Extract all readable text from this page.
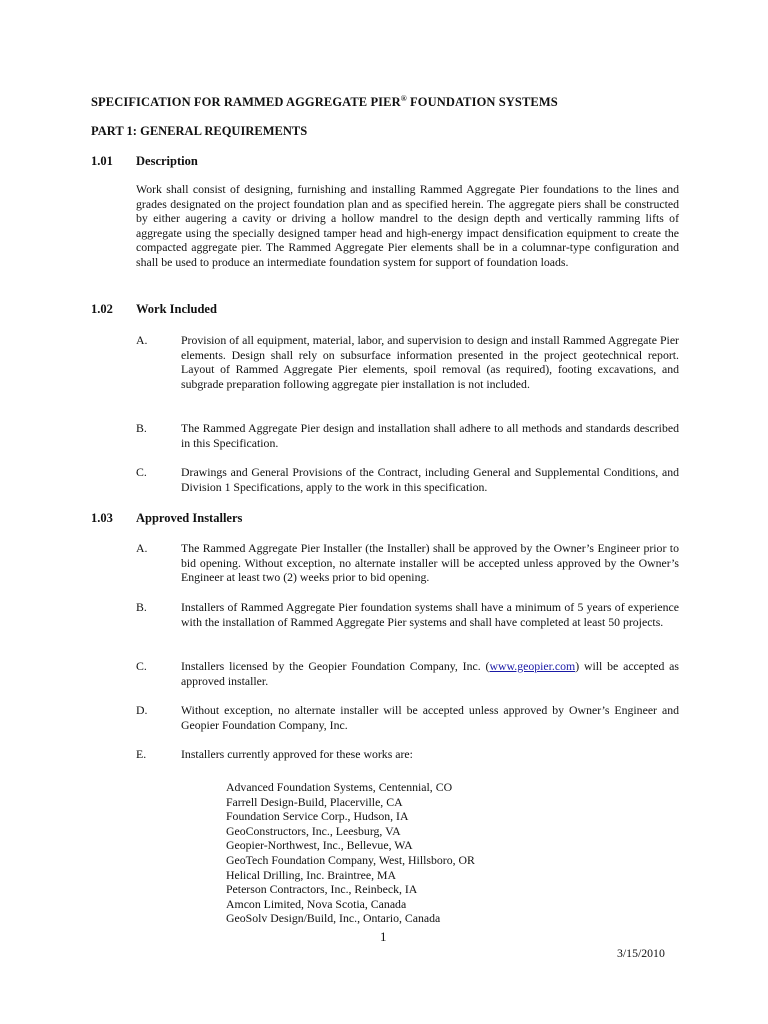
SPECIFICATION FOR RAMMED AGGREGATE PIER® FOUNDATION SYSTEMS
PART 1: GENERAL REQUIREMENTS
1.01 Description
Work shall consist of designing, furnishing and installing Rammed Aggregate Pier foundations to the lines and grades designated on the project foundation plan and as specified herein. The aggregate piers shall be constructed by either augering a cavity or driving a hollow mandrel to the design depth and vertically ramming lifts of aggregate using the specially designed tamper head and high-energy impact densification equipment to create the compacted aggregate pier. The Rammed Aggregate Pier elements shall be in a columnar-type configuration and shall be used to produce an intermediate foundation system for support of foundation loads.
1.02 Work Included
A.	Provision of all equipment, material, labor, and supervision to design and install Rammed Aggregate Pier elements. Design shall rely on subsurface information presented in the project geotechnical report. Layout of Rammed Aggregate Pier elements, spoil removal (as required), footing excavations, and subgrade preparation following aggregate pier installation is not included.
B.	The Rammed Aggregate Pier design and installation shall adhere to all methods and standards described in this Specification.
C.	Drawings and General Provisions of the Contract, including General and Supplemental Conditions, and Division 1 Specifications, apply to the work in this specification.
1.03 Approved Installers
A.	The Rammed Aggregate Pier Installer (the Installer) shall be approved by the Owner’s Engineer prior to bid opening. Without exception, no alternate installer will be accepted unless approved by the Owner’s Engineer at least two (2) weeks prior to bid opening.
B.	Installers of Rammed Aggregate Pier foundation systems shall have a minimum of 5 years of experience with the installation of Rammed Aggregate Pier systems and shall have completed at least 50 projects.
C.	Installers licensed by the Geopier Foundation Company, Inc. (www.geopier.com) will be accepted as approved installer.
D.	Without exception, no alternate installer will be accepted unless approved by Owner’s Engineer and Geopier Foundation Company, Inc.
E.	Installers currently approved for these works are:
Advanced Foundation Systems, Centennial, CO
Farrell Design-Build, Placerville, CA
Foundation Service Corp., Hudson, IA
GeoConstructors, Inc., Leesburg, VA
Geopier-Northwest, Inc., Bellevue, WA
GeoTech Foundation Company, West, Hillsboro, OR
Helical Drilling, Inc. Braintree, MA
Peterson Contractors, Inc., Reinbeck, IA
Amcon Limited, Nova Scotia, Canada
GeoSolv Design/Build, Inc., Ontario, Canada
1
3/15/2010
